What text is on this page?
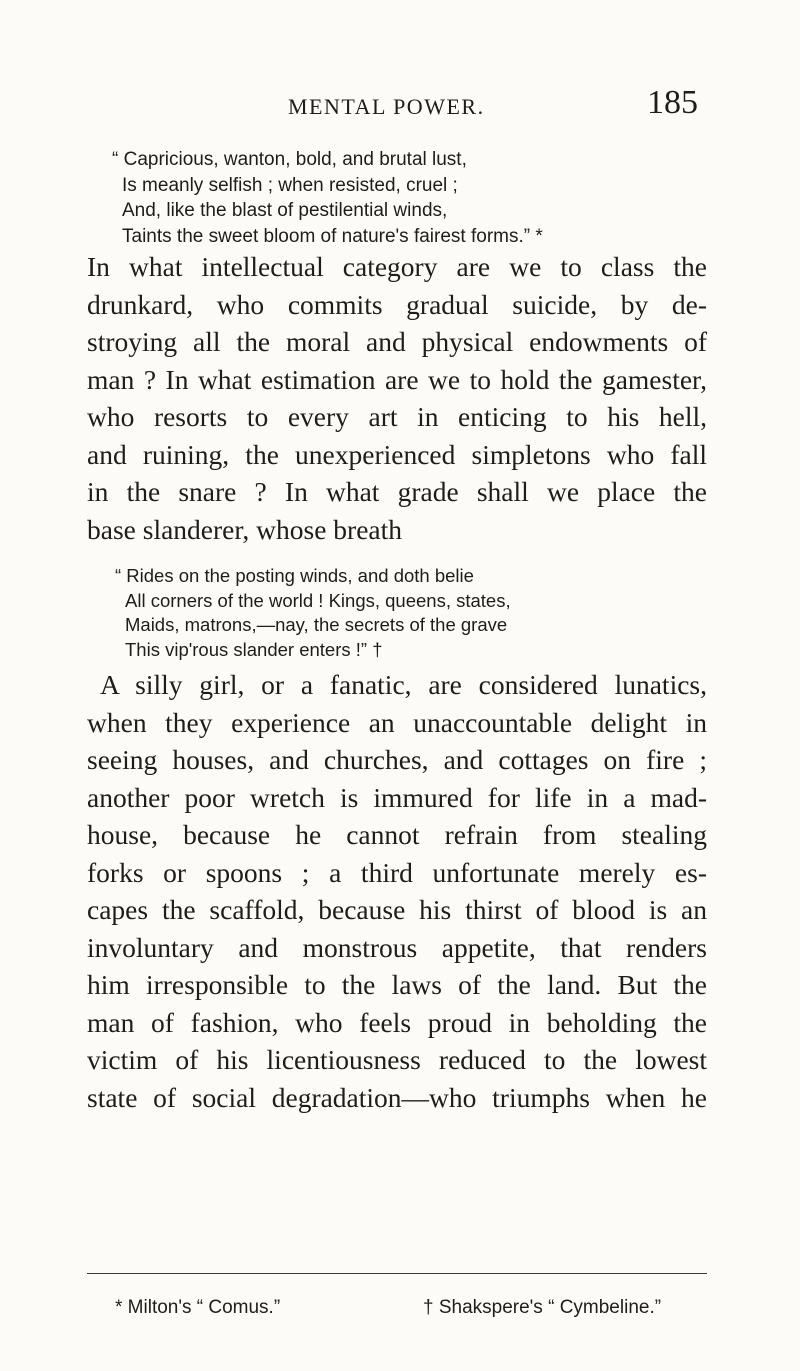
MENTAL POWER.	185
“ Capricious, wanton, bold, and brutal lust,
Is meanly selfish ; when resisted, cruel ;
And, like the blast of pestilential winds,
Taints the sweet bloom of nature's fairest forms.” *
In what intellectual category are we to class the
drunkard, who commits gradual suicide, by de-
stroying all the moral and physical endowments of
man ? In what estimation are we to hold the gamester,
who resorts to every art in enticing to his hell,
and ruining, the unexperienced simpletons who fall
in the snare ? In what grade shall we place the
base slanderer, whose breath
“ Rides on the posting winds, and doth belie
All corners of the world ! Kings, queens, states,
Maids, matrons,—nay, the secrets of the grave
This vip'rous slander enters !” †
A silly girl, or a fanatic, are considered lunatics,
when they experience an unaccountable delight in
seeing houses, and churches, and cottages on fire ;
another poor wretch is immured for life in a mad-
house, because he cannot refrain from stealing
forks or spoons ; a third unfortunate merely es-
capes the scaffold, because his thirst of blood is an
involuntary and monstrous appetite, that renders
him irresponsible to the laws of the land. But the
man of fashion, who feels proud in beholding the
victim of his licentiousness reduced to the lowest
state of social degradation—who triumphs when he
* Milton's “ Comus.”	† Shakspere's “ Cymbeline.”
